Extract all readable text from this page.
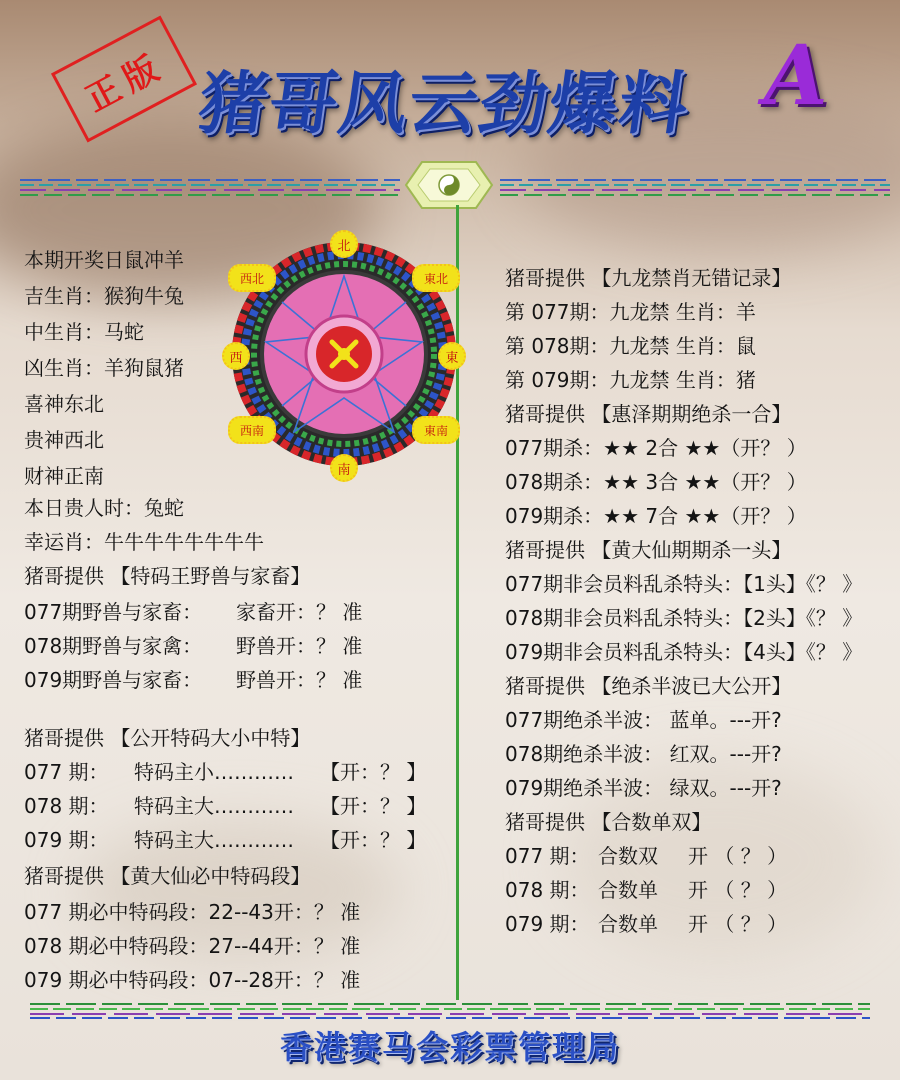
正版 猪哥风云劲爆料 A
北
南
西	東
西北	東北
西南	東南
本期开奖日鼠冲羊
吉生肖：猴狗牛兔
中生肖：马蛇
凶生肖：羊狗鼠猪
喜神东北
贵神西北
财神正南
本日贵人时：兔蛇
幸运肖：牛牛牛牛牛牛牛牛
猪哥提供 【特码王野兽与家畜】
077期野兽与家畜： 家畜开：？ 准
078期野兽与家禽： 野兽开：？ 准
079期野兽与家畜： 野兽开：？ 准
猪哥提供 【公开特码大小中特】
077 期： 特码主小………… 【开：？ 】
078 期： 特码主大………… 【开：？ 】
079 期： 特码主大………… 【开：？ 】
猪哥提供 【黄大仙必中特码段】
077 期必中特码段：22--43开：？ 准
078 期必中特码段：27--44开：？ 准
079 期必中特码段：07--28开：？ 准
猪哥提供 【九龙禁肖无错记录】
第 077期：九龙禁 生肖：羊
第 078期：九龙禁 生肖：鼠
第 079期：九龙禁 生肖：猪
猪哥提供 【惠泽期期绝杀一合】
077期杀：★★ 2合 ★★（开？ ）
078期杀：★★ 3合 ★★（开？ ）
079期杀：★★ 7合 ★★（开？ ）
猪哥提供 【黄大仙期期杀一头】
077期非会员料乱杀特头：【1头】《？ 》
078期非会员料乱杀特头：【2头】《？ 》
079期非会员料乱杀特头：【4头】《？ 》
猪哥提供 【绝杀半波已大公开】
077期绝杀半波： 蓝单。---开?
078期绝杀半波： 红双。---开?
079期绝杀半波： 绿双。---开?
猪哥提供 【合数单双】
077 期： 合数双 开 （ ？ ）
078 期： 合数单 开 （ ？ ）
079 期： 合数单 开 （ ？ ）
香港赛马会彩票管理局
